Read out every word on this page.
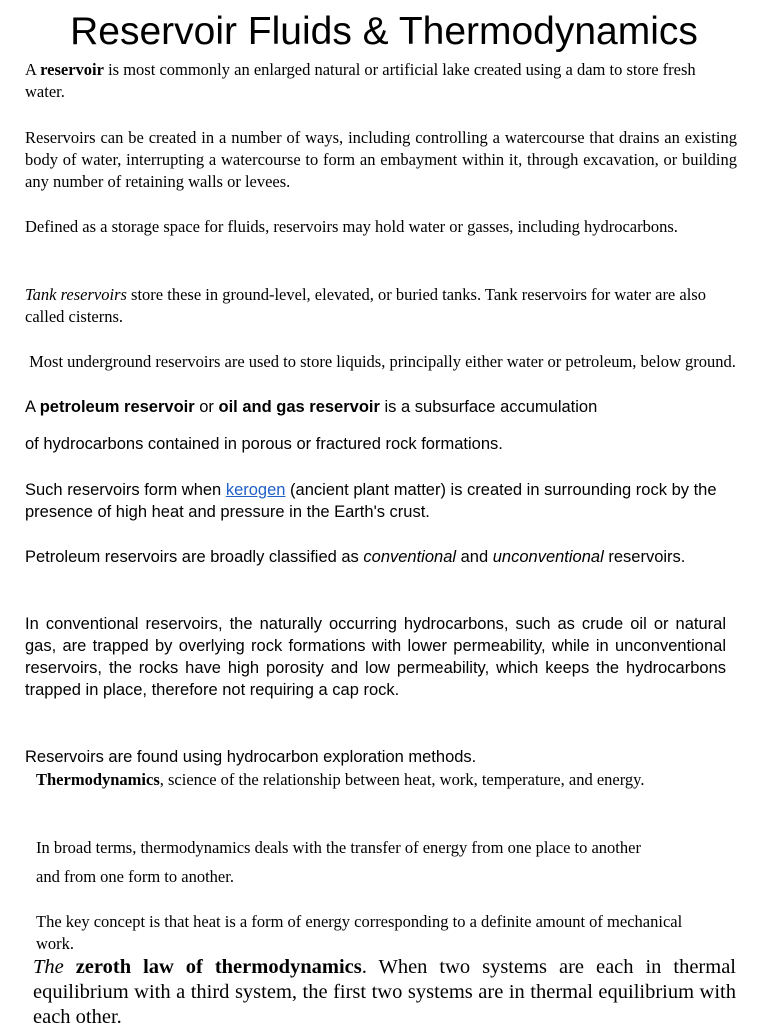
Reservoir Fluids & Thermodynamics

A reservoir is most commonly an enlarged natural or artificial lake created using a dam to store fresh water.

Reservoirs can be created in a number of ways, including controlling a watercourse that drains an existing body of water, interrupting a watercourse to form an embayment within it, through excavation, or building any number of retaining walls or levees.

Defined as a storage space for fluids, reservoirs may hold water or gasses, including hydrocarbons.

Tank reservoirs store these in ground-level, elevated, or buried tanks. Tank reservoirs for water are also called cisterns.

Most underground reservoirs are used to store liquids, principally either water or petroleum, below ground.

A petroleum reservoir or oil and gas reservoir is a subsurface accumulation

of hydrocarbons contained in porous or fractured rock formations.

Such reservoirs form when kerogen (ancient plant matter) is created in surrounding rock by the presence of high heat and pressure in the Earth's crust.

Petroleum reservoirs are broadly classified as conventional and unconventional reservoirs.

In conventional reservoirs, the naturally occurring hydrocarbons, such as crude oil or natural gas, are trapped by overlying rock formations with lower permeability, while in unconventional reservoirs, the rocks have high porosity and low permeability, which keeps the hydrocarbons trapped in place, therefore not requiring a cap rock.

Reservoirs are found using hydrocarbon exploration methods.

Thermodynamics, science of the relationship between heat, work, temperature, and energy.

In broad terms, thermodynamics deals with the transfer of energy from one place to another

and from one form to another.

The key concept is that heat is a form of energy corresponding to a definite amount of mechanical work.

The zeroth law of thermodynamics. When two systems are each in thermal equilibrium with a third system, the first two systems are in thermal equilibrium with each other.
